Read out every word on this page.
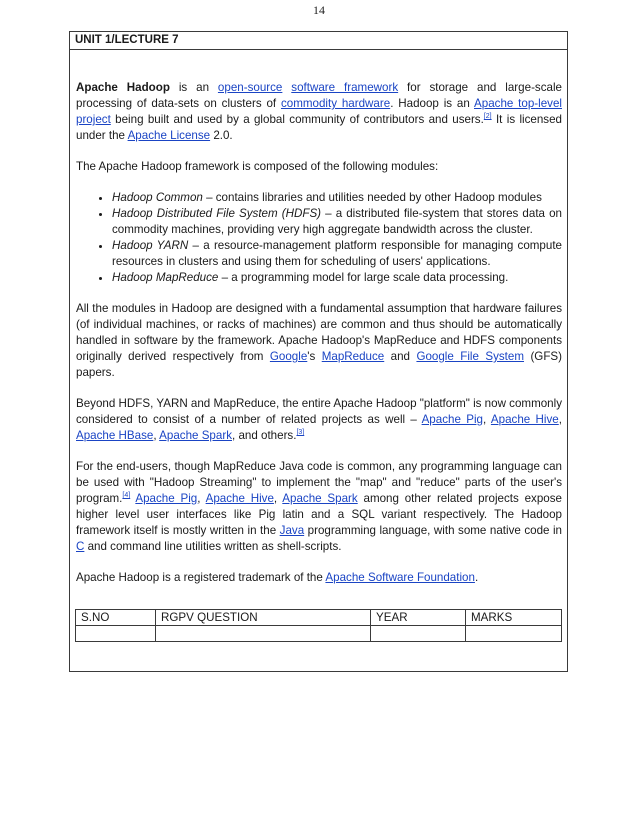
14
UNIT 1/LECTURE 7

Apache Hadoop is an open-source software framework for storage and large-scale processing of data-sets on clusters of commodity hardware. Hadoop is an Apache top-level project being built and used by a global community of contributors and users.[2] It is licensed under the Apache License 2.0.

The Apache Hadoop framework is composed of the following modules:

• Hadoop Common – contains libraries and utilities needed by other Hadoop modules
• Hadoop Distributed File System (HDFS) – a distributed file-system that stores data on commodity machines, providing very high aggregate bandwidth across the cluster.
• Hadoop YARN – a resource-management platform responsible for managing compute resources in clusters and using them for scheduling of users' applications.
• Hadoop MapReduce – a programming model for large scale data processing.

All the modules in Hadoop are designed with a fundamental assumption that hardware failures (of individual machines, or racks of machines) are common and thus should be automatically handled in software by the framework. Apache Hadoop's MapReduce and HDFS components originally derived respectively from Google's MapReduce and Google File System (GFS) papers.

Beyond HDFS, YARN and MapReduce, the entire Apache Hadoop "platform" is now commonly considered to consist of a number of related projects as well – Apache Pig, Apache Hive, Apache HBase, Apache Spark, and others.[3]

For the end-users, though MapReduce Java code is common, any programming language can be used with "Hadoop Streaming" to implement the "map" and "reduce" parts of the user's program.[4] Apache Pig, Apache Hive, Apache Spark among other related projects expose higher level user interfaces like Pig latin and a SQL variant respectively. The Hadoop framework itself is mostly written in the Java programming language, with some native code in C and command line utilities written as shell-scripts.

Apache Hadoop is a registered trademark of the Apache Software Foundation.

S.NO	RGPV QUESTION	YEAR	MARKS
